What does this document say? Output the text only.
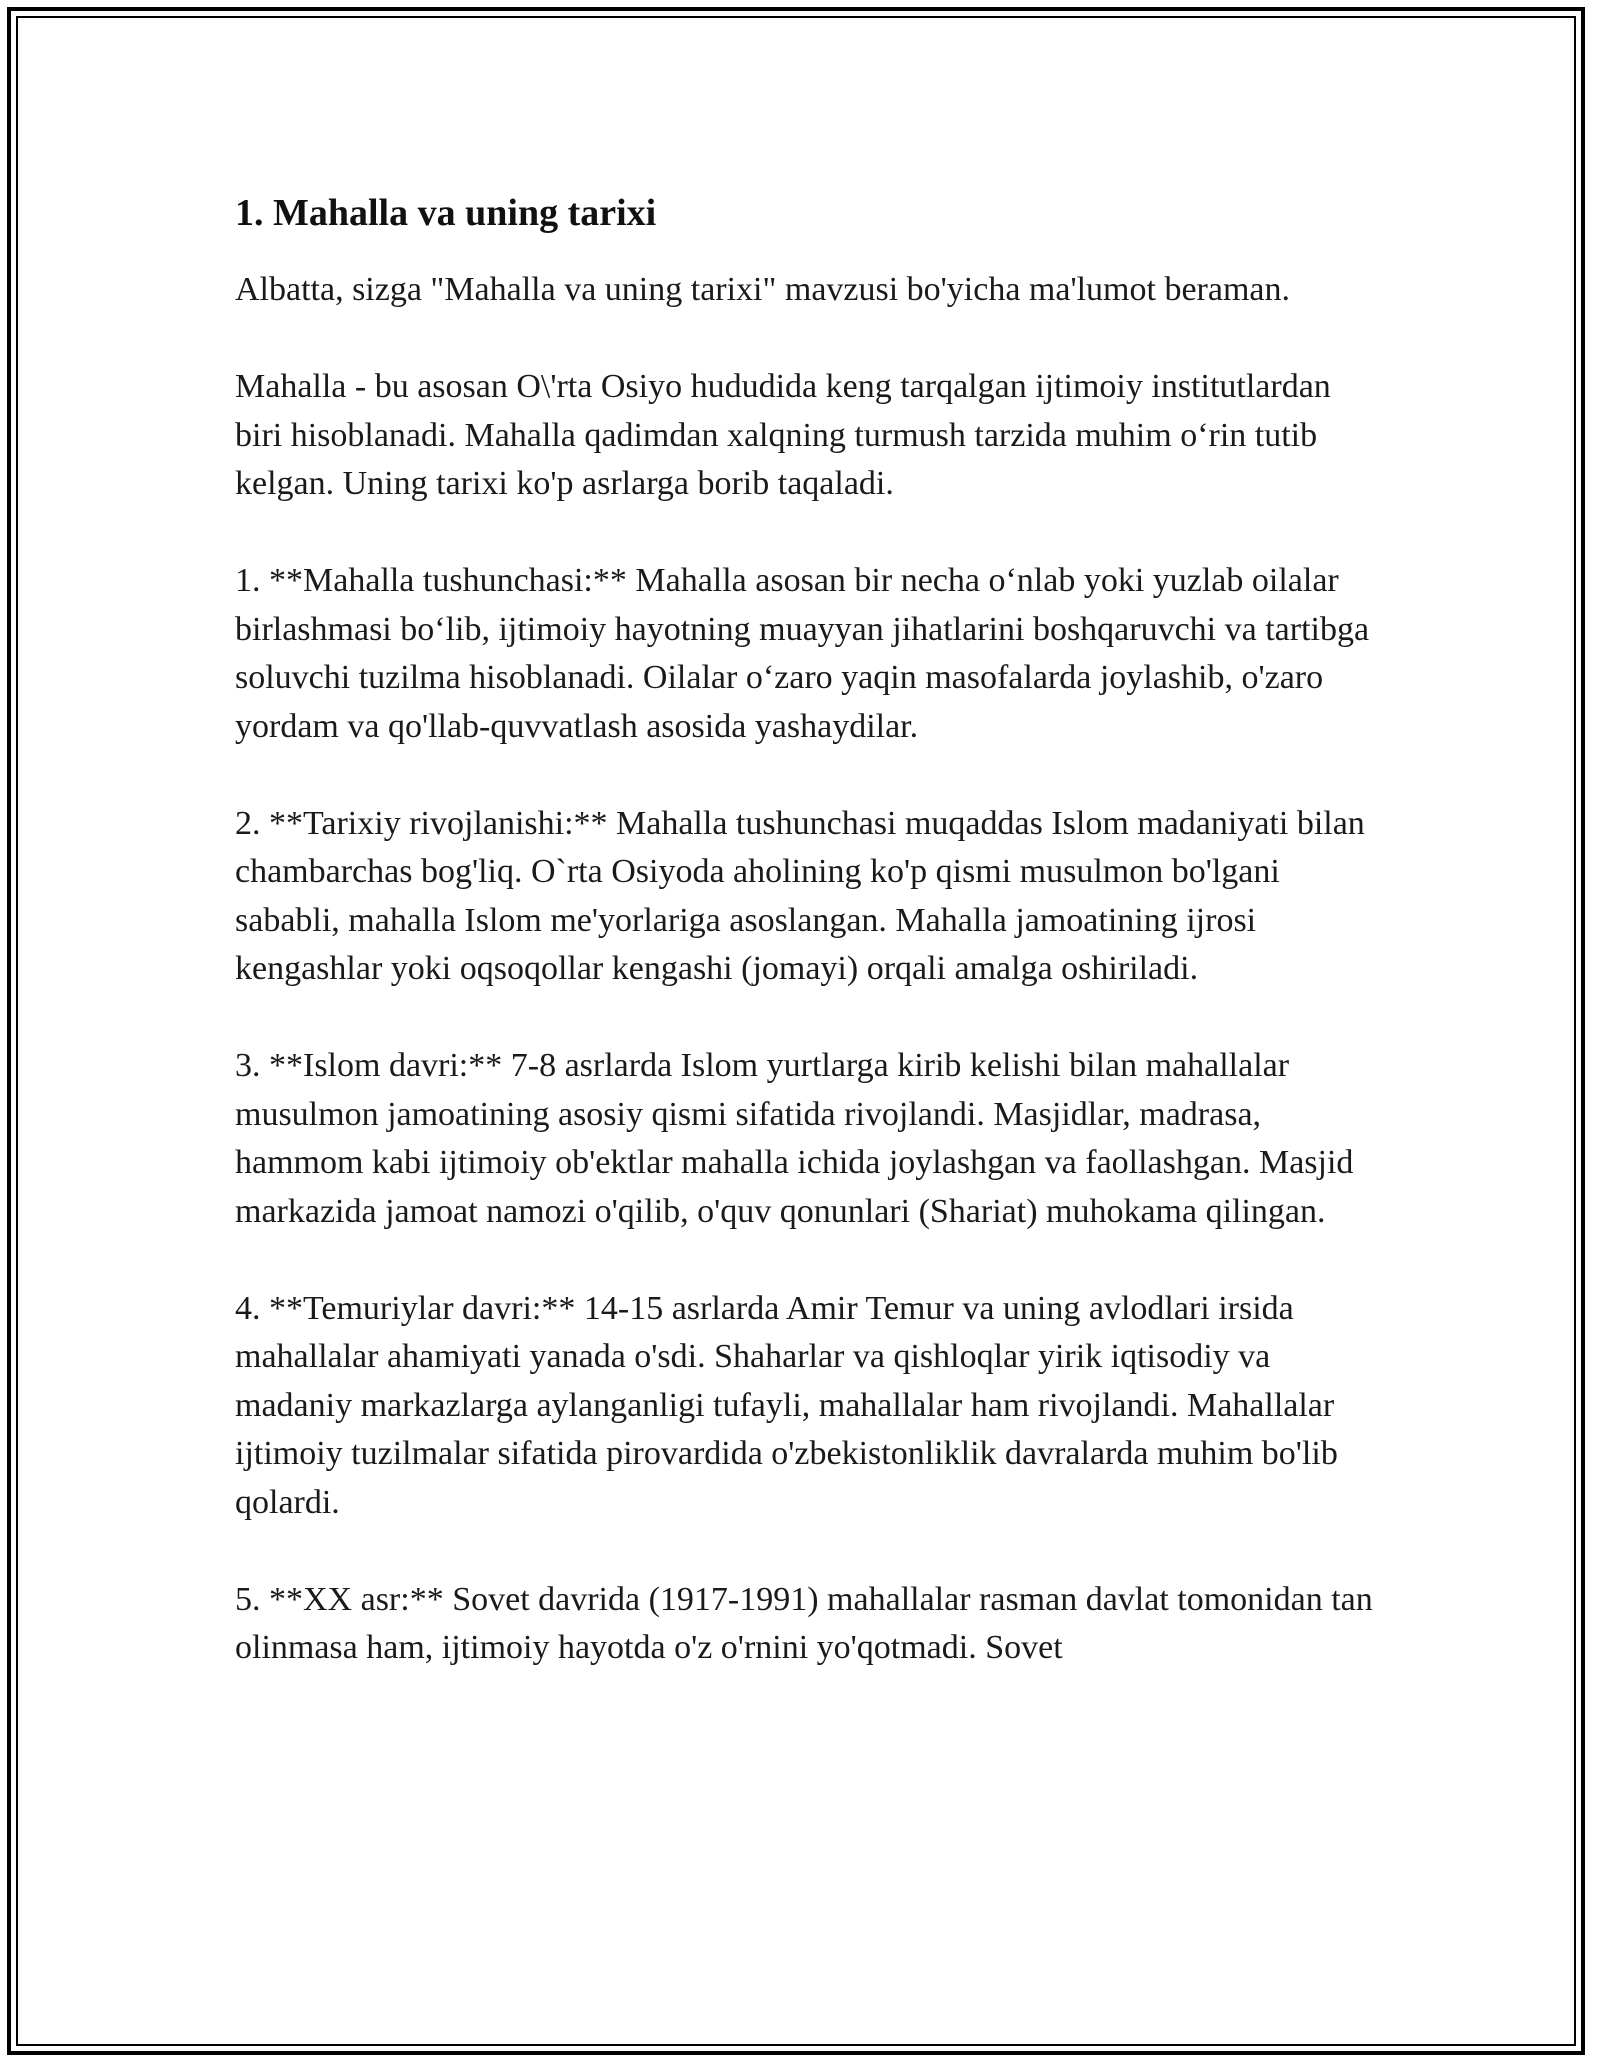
1. Mahalla va uning tarixi

Albatta, sizga "Mahalla va uning tarixi" mavzusi bo'yicha ma'lumot beraman.

Mahalla - bu asosan O\'rta Osiyo hududida keng tarqalgan ijtimoiy institutlardan biri hisoblanadi. Mahalla qadimdan xalqning turmush tarzida muhim o‘rin tutib kelgan. Uning tarixi ko'p asrlarga borib taqaladi.

1. **Mahalla tushunchasi:** Mahalla asosan bir necha o‘nlab yoki yuzlab oilalar birlashmasi bo‘lib, ijtimoiy hayotning muayyan jihatlarini boshqaruvchi va tartibga soluvchi tuzilma hisoblanadi. Oilalar o‘zaro yaqin masofalarda joylashib, o'zaro yordam va qo'llab-quvvatlash asosida yashaydilar.

2. **Tarixiy rivojlanishi:** Mahalla tushunchasi muqaddas Islom madaniyati bilan chambarchas bog'liq. O`rta Osiyoda aholining ko'p qismi musulmon bo'lgani sababli, mahalla Islom me'yorlariga asoslangan. Mahalla jamoatining ijrosi kengashlar yoki oqsoqollar kengashi (jomayi) orqali amalga oshiriladi.

3. **Islom davri:** 7-8 asrlarda Islom yurtlarga kirib kelishi bilan mahallalar musulmon jamoatining asosiy qismi sifatida rivojlandi. Masjidlar, madrasa, hammom kabi ijtimoiy ob'ektlar mahalla ichida joylashgan va faollashgan. Masjid markazida jamoat namozi o'qilib, o'quv qonunlari (Shariat) muhokama qilingan.

4. **Temuriylar davri:** 14-15 asrlarda Amir Temur va uning avlodlari irsida mahallalar ahamiyati yanada o'sdi. Shaharlar va qishloqlar yirik iqtisodiy va madaniy markazlarga aylanganligi tufayli, mahallalar ham rivojlandi. Mahallalar ijtimoiy tuzilmalar sifatida pirovardida o'zbekistonliklik davralarda muhim bo'lib qolardi.

5. **XX asr:** Sovet davrida (1917-1991) mahallalar rasman davlat tomonidan tan olinmasa ham, ijtimoiy hayotda o'z o'rnini yo'qotmadi. Sovet
